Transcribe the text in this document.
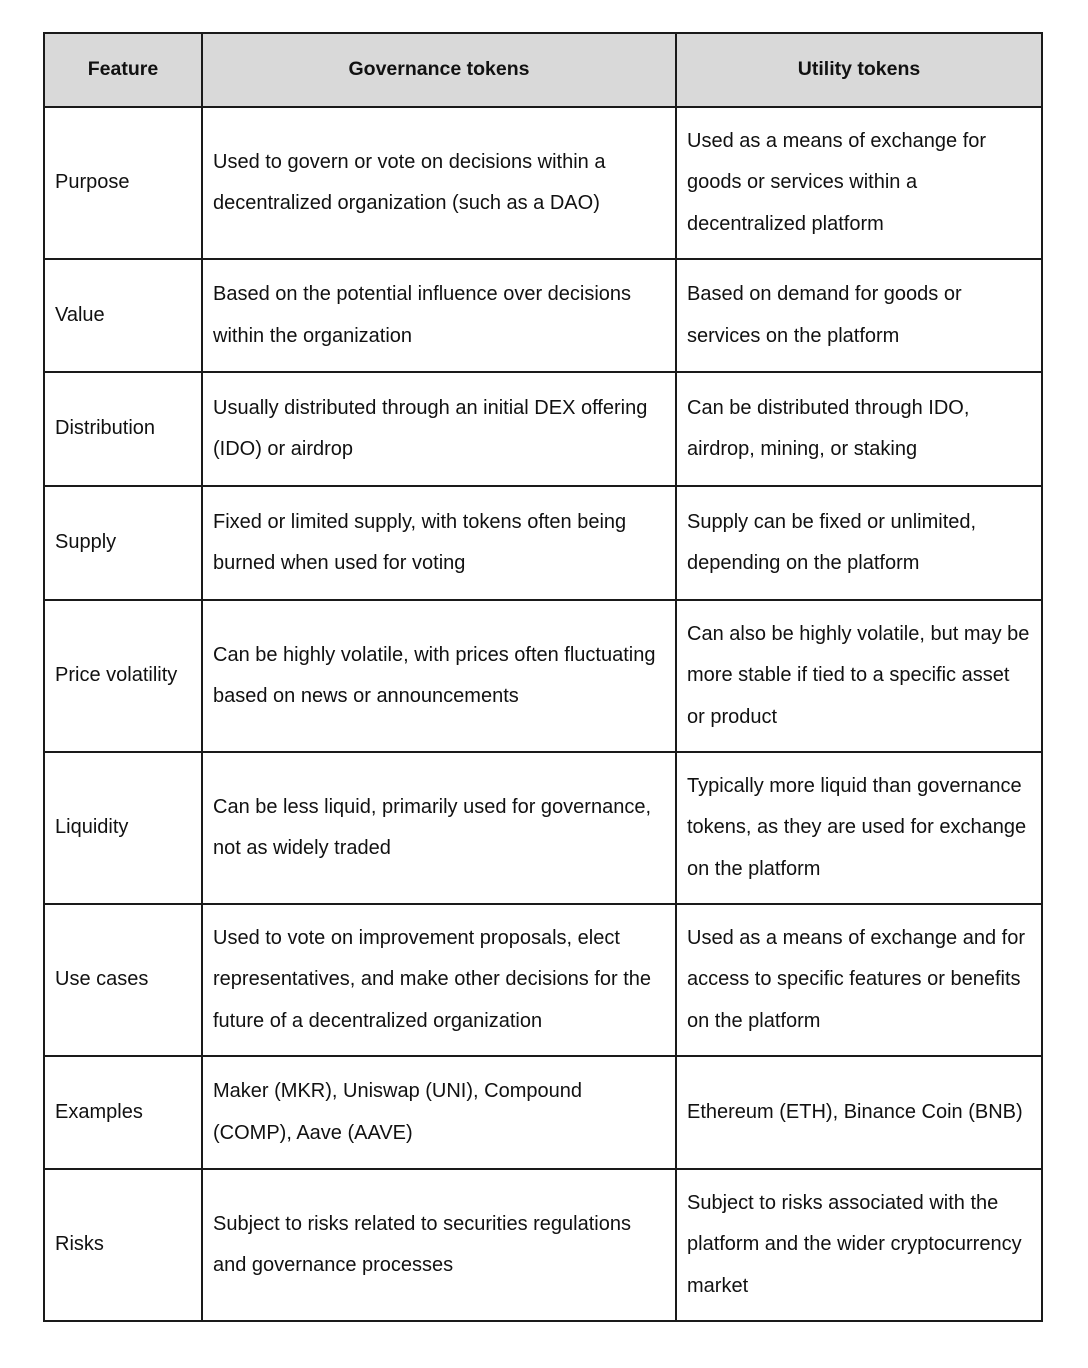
Feature	Governance tokens	Utility tokens
Purpose	Used to govern or vote on decisions within a decentralized organization (such as a DAO)	Used as a means of exchange for goods or services within a decentralized platform
Value	Based on the potential influence over decisions within the organization	Based on demand for goods or services on the platform
Distribution	Usually distributed through an initial DEX offering (IDO) or airdrop	Can be distributed through IDO, airdrop, mining, or staking
Supply	Fixed or limited supply, with tokens often being burned when used for voting	Supply can be fixed or unlimited, depending on the platform
Price volatility	Can be highly volatile, with prices often fluctuating based on news or announcements	Can also be highly volatile, but may be more stable if tied to a specific asset or product
Liquidity	Can be less liquid, primarily used for governance, not as widely traded	Typically more liquid than governance tokens, as they are used for exchange on the platform
Use cases	Used to vote on improvement proposals, elect representatives, and make other decisions for the future of a decentralized organization	Used as a means of exchange and for access to specific features or benefits on the platform
Examples	Maker (MKR), Uniswap (UNI), Compound (COMP), Aave (AAVE)	Ethereum (ETH), Binance Coin (BNB)
Risks	Subject to risks related to securities regulations and governance processes	Subject to risks associated with the platform and the wider cryptocurrency market
